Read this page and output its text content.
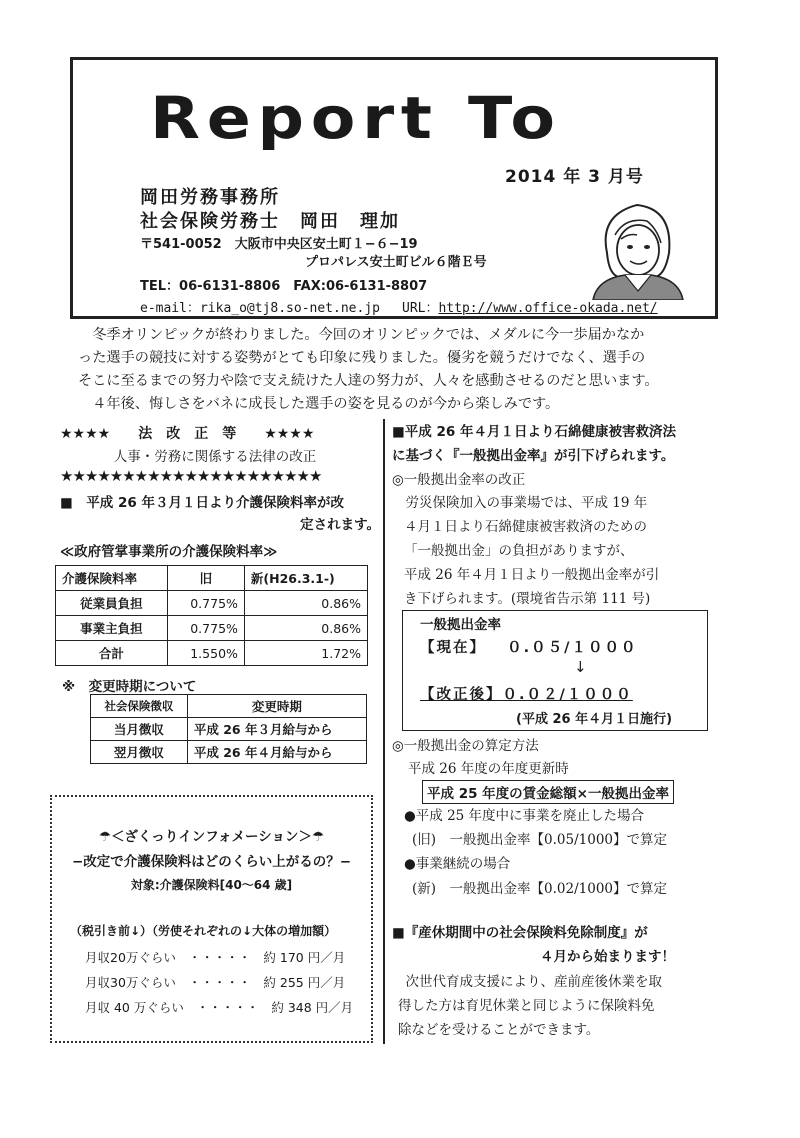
Report To
2014 年 3 月号
岡田労務事務所
社会保険労務士　岡田　理加
〒541-0052　大阪市中央区安土町１−６−19
プロパレス安土町ビル６階Ｅ号
TEL：06-6131-8806　FAX:06-6131-8807
e-mail：rika_o@tj8.so-net.ne.jp URL：http://www.office-okada.net/

　冬季オリンピックが終わりました。今回のオリンピックでは、メダルに今一歩届かなか

った選手の競技に対する姿勢がとても印象に残りました。優劣を競うだけでなく、選手の

そこに至るまでの努力や陰で支え続けた人達の努力が、人々を感動させるのだと思います。

　４年後、悔しさをバネに成長した選手の姿を見るのが今から楽しみです。

★★★★　　法　改　正　等　　★★★★
人事・労務に関係する法律の改正
★★★★★★★★★★★★★★★★★★★★★
■　平成 26 年３月１日より介護保険料率が改
定されます。
≪政府管掌事業所の介護保険料率≫
介護保険料率	旧	新(H26.3.1-)
従業員負担	0.775%	0.86%
事業主負担	0.775%	0.86%
合計	1.550%	1.72%
※　変更時期について
社会保険徴収	変更時期
当月徴収	平成 26 年３月給与から
翌月徴収	平成 26 年４月給与から
☂＜ざくっりインフォメーション＞☂
−改定で介護保険料はどのくらい上がるの？−
対象:介護保険料[40〜64 歳]
（税引き前↓）（労使それぞれの↓大体の増加額）
月収20万ぐらい　・・・・・　約 170 円／月
月収30万ぐらい　・・・・・　約 255 円／月
月収 40 万ぐらい　・・・・・　約 348 円／月
■平成 26 年４月１日より石綿健康被害救済法
に基づく『一般拠出金率』が引下げられます。
◎一般拠出金率の改正
　労災保険加入の事業場では、平成 19 年
４月１日より石綿健康被害救済のための
「一般拠出金」の負担がありますが、
平成 26 年４月１日より一般拠出金率が引
き下げられます。(環境省告示第 111 号)
一般拠出金率
【現在】 ０.０５/１０００
↓
【改正後】０.０２/１０００
(平成 26 年４月１日施行)
◎一般拠出金の算定方法
平成 26 年度の年度更新時
平成 25 年度の賃金総額×一般拠出金率
●平成 25 年度中に事業を廃止した場合
(旧)　一般拠出金率【0.05/1000】で算定
●事業継続の場合
(新)　一般拠出金率【0.02/1000】で算定
■『産休期間中の社会保険料免除制度』が
４月から始まります！
　次世代育成支援により、産前産後休業を取
得した方は育児休業と同じように保険料免
除などを受けることができます。
